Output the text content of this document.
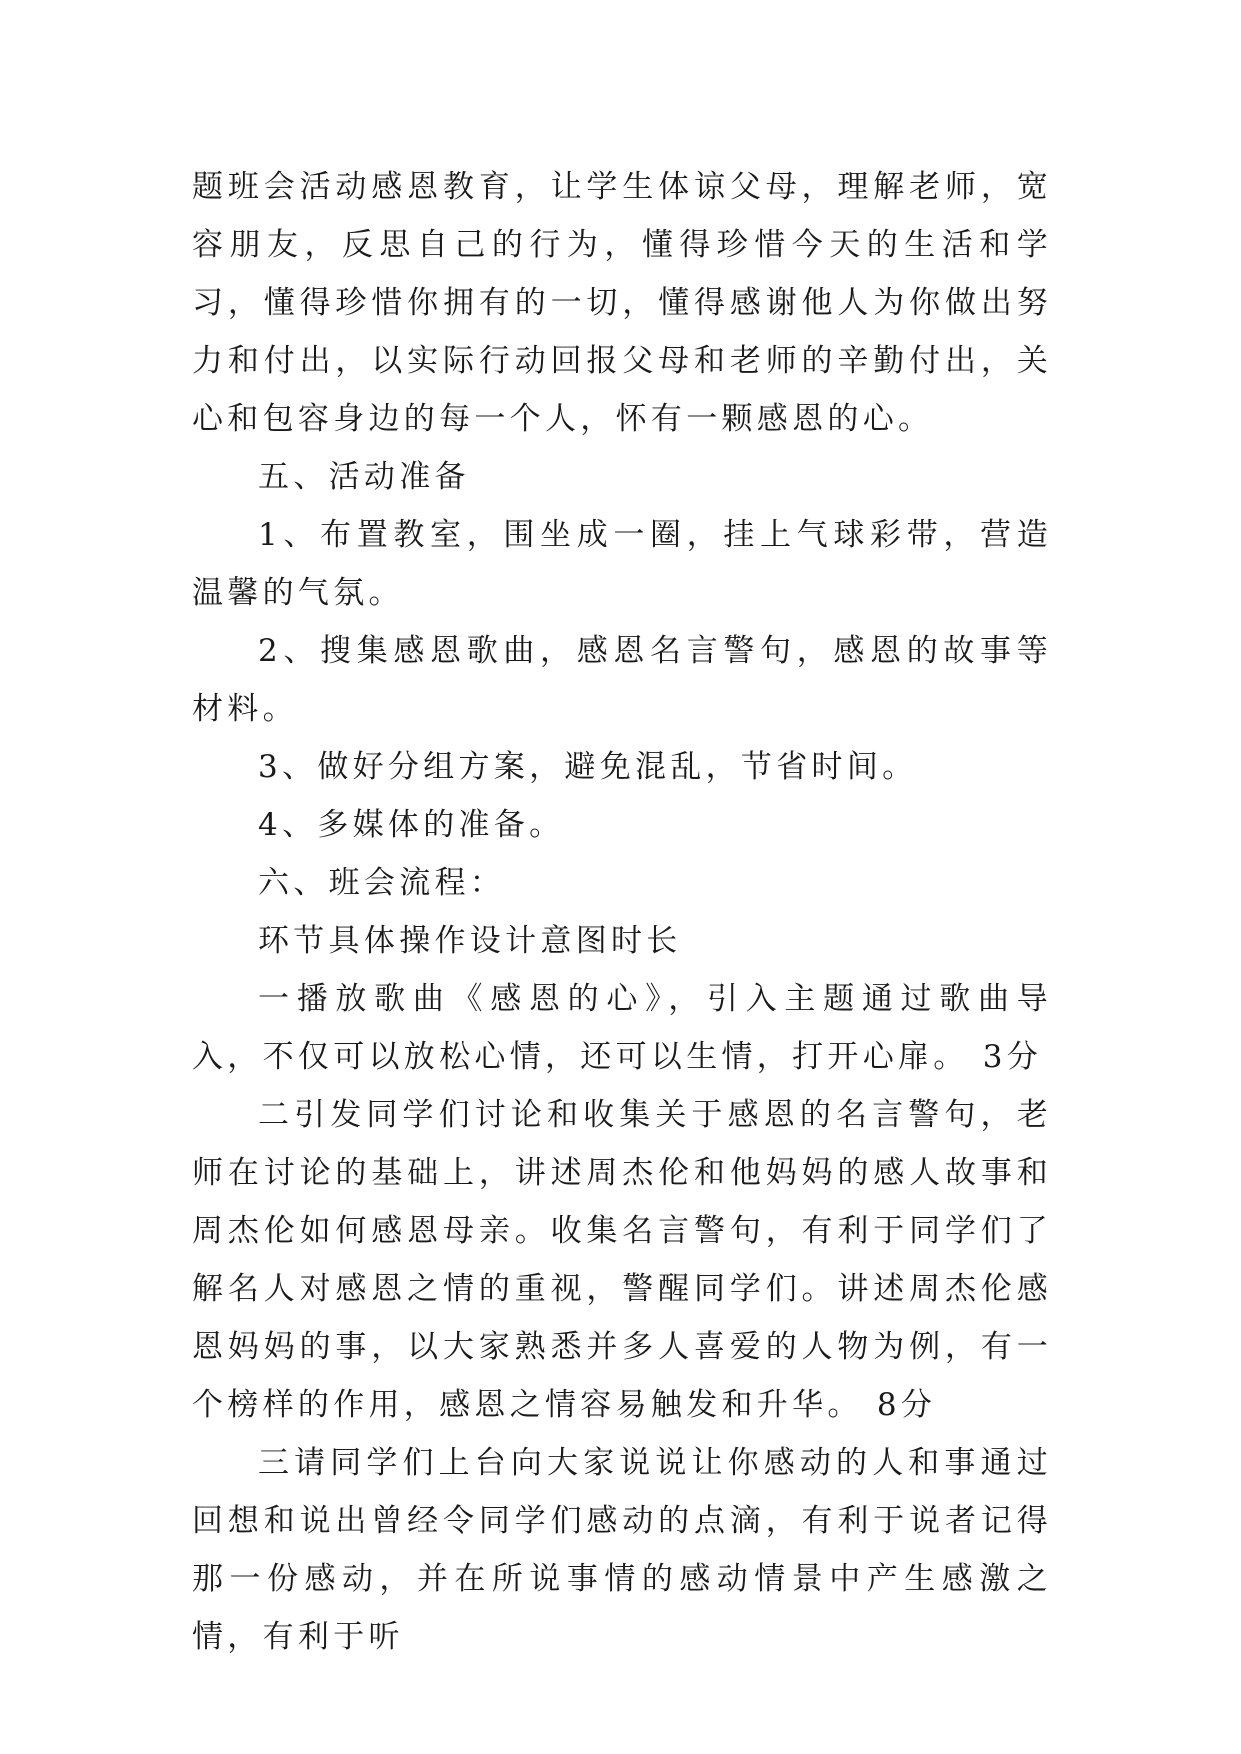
题班会活动感恩教育，让学生体谅父母，理解老师，宽容朋友，反思自己的行为，懂得珍惜今天的生活和学习，懂得珍惜你拥有的一切，懂得感谢他人为你做出努力和付出，以实际行动回报父母和老师的辛勤付出，关心和包容身边的每一个人，怀有一颗感恩的心。

五、活动准备

1、布置教室，围坐成一圈，挂上气球彩带，营造温馨的气氛。

2、搜集感恩歌曲，感恩名言警句，感恩的故事等材料。

3、做好分组方案，避免混乱，节省时间。

4、多媒体的准备。

六、班会流程：

环节具体操作设计意图时长

一播放歌曲《感恩的心》，引入主题通过歌曲导入，不仅可以放松心情，还可以生情，打开心扉。 3分

二引发同学们讨论和收集关于感恩的名言警句，老师在讨论的基础上，讲述周杰伦和他妈妈的感人故事和周杰伦如何感恩母亲。收集名言警句，有利于同学们了解名人对感恩之情的重视，警醒同学们。讲述周杰伦感恩妈妈的事，以大家熟悉并多人喜爱的人物为例，有一个榜样的作用，感恩之情容易触发和升华。 8分

三请同学们上台向大家说说让你感动的人和事通过回想和说出曾经令同学们感动的点滴，有利于说者记得那一份感动，并在所说事情的感动情景中产生感激之情，有利于听
